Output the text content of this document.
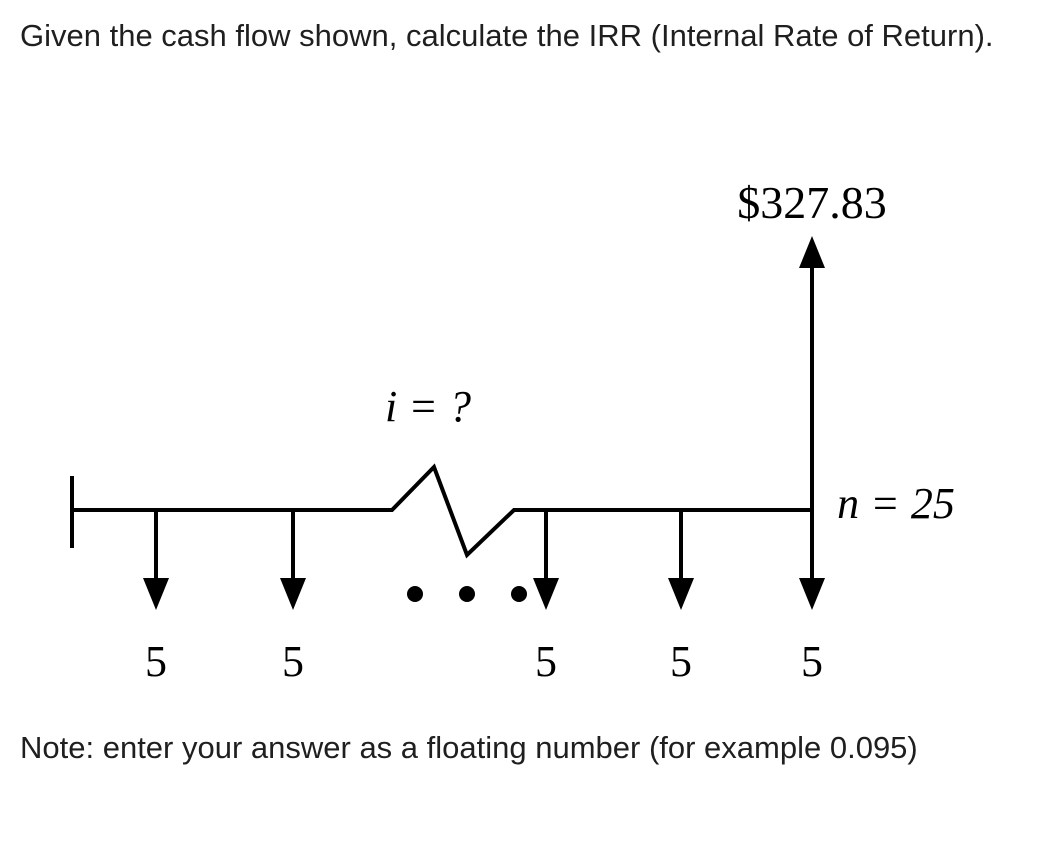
Given the cash flow shown, calculate the IRR (Internal Rate of Return).

$327.83
i = ?
n = 25
5	5	5	5 5

Note: enter your answer as a floating number (for example 0.095)
